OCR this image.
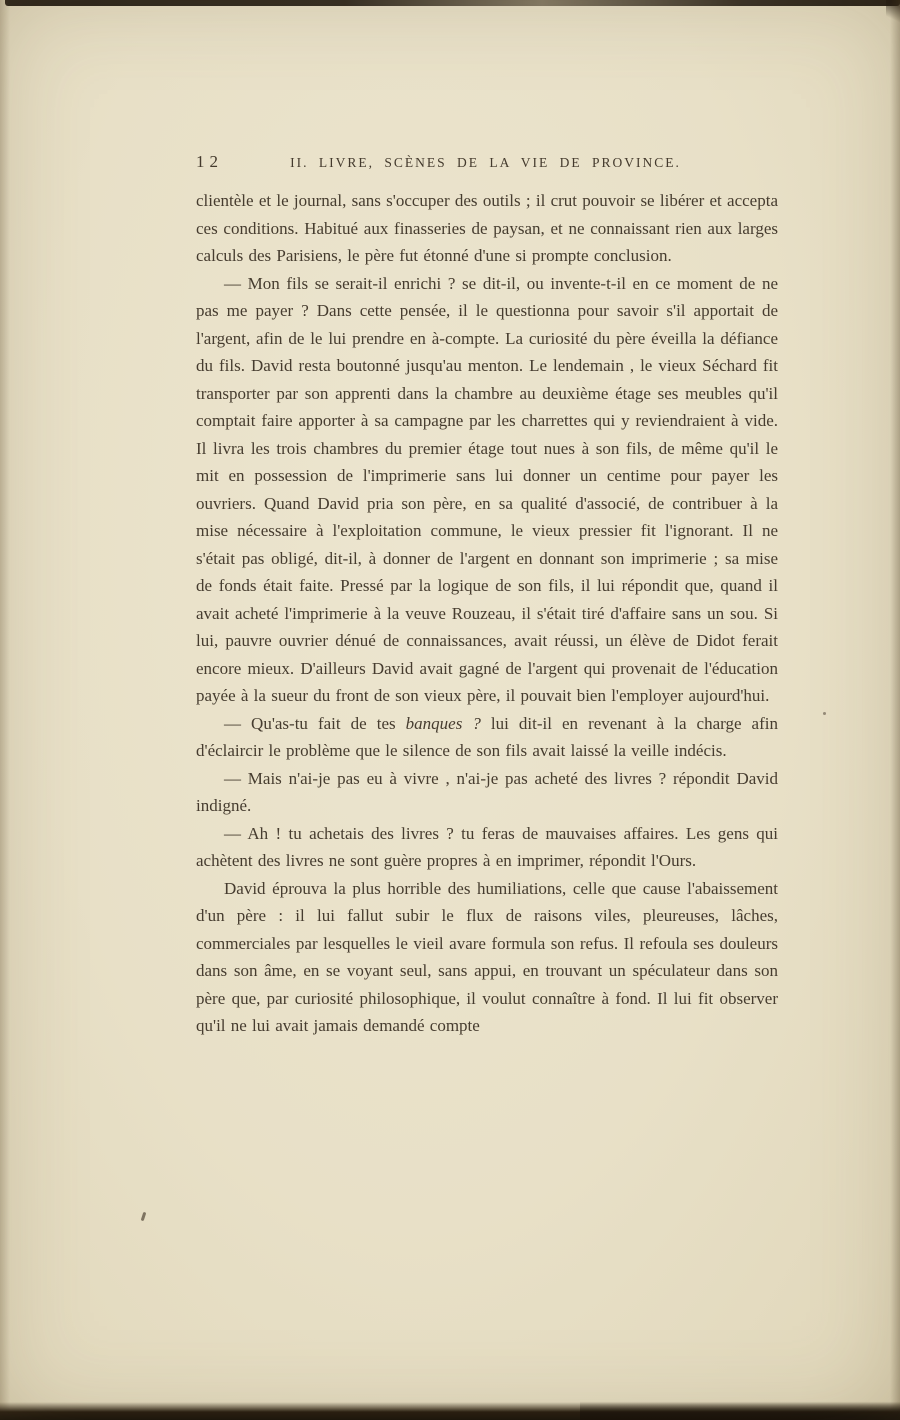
12	II. LIVRE, SCÈNES DE LA VIE DE PROVINCE.

clientèle et le journal, sans s'occuper des outils ; il crut pouvoir se libérer et accepta ces conditions. Habitué aux finasseries de paysan, et ne connaissant rien aux larges calculs des Parisiens, le père fut étonné d'une si prompte conclusion.

— Mon fils se serait-il enrichi ? se dit-il, ou invente-t-il en ce moment de ne pas me payer ? Dans cette pensée, il le questionna pour savoir s'il apportait de l'argent, afin de le lui prendre en à-compte. La curiosité du père éveilla la défiance du fils. David resta boutonné jusqu'au menton. Le lendemain , le vieux Séchard fit transporter par son apprenti dans la chambre au deuxième étage ses meubles qu'il comptait faire apporter à sa campagne par les charrettes qui y reviendraient à vide. Il livra les trois chambres du premier étage tout nues à son fils, de même qu'il le mit en possession de l'imprimerie sans lui donner un centime pour payer les ouvriers. Quand David pria son père, en sa qualité d'associé, de contribuer à la mise nécessaire à l'exploitation commune, le vieux pressier fit l'ignorant. Il ne s'était pas obligé, dit-il, à donner de l'argent en donnant son imprimerie ; sa mise de fonds était faite. Pressé par la logique de son fils, il lui répondit que, quand il avait acheté l'imprimerie à la veuve Rouzeau, il s'était tiré d'affaire sans un sou. Si lui, pauvre ouvrier dénué de connaissances, avait réussi, un élève de Didot ferait encore mieux. D'ailleurs David avait gagné de l'argent qui provenait de l'éducation payée à la sueur du front de son vieux père, il pouvait bien l'employer aujourd'hui.

— Qu'as-tu fait de tes banques ? lui dit-il en revenant à la charge afin d'éclaircir le problème que le silence de son fils avait laissé la veille indécis.

— Mais n'ai-je pas eu à vivre , n'ai-je pas acheté des livres ? répondit David indigné.

— Ah ! tu achetais des livres ? tu feras de mauvaises affaires. Les gens qui achètent des livres ne sont guère propres à en imprimer, répondit l'Ours.

David éprouva la plus horrible des humiliations, celle que cause l'abaissement d'un père : il lui fallut subir le flux de raisons viles, pleureuses, lâches, commerciales par lesquelles le vieil avare formula son refus. Il refoula ses douleurs dans son âme, en se voyant seul, sans appui, en trouvant un spéculateur dans son père que, par curiosité philosophique, il voulut connaître à fond. Il lui fit observer qu'il ne lui avait jamais demandé compte
